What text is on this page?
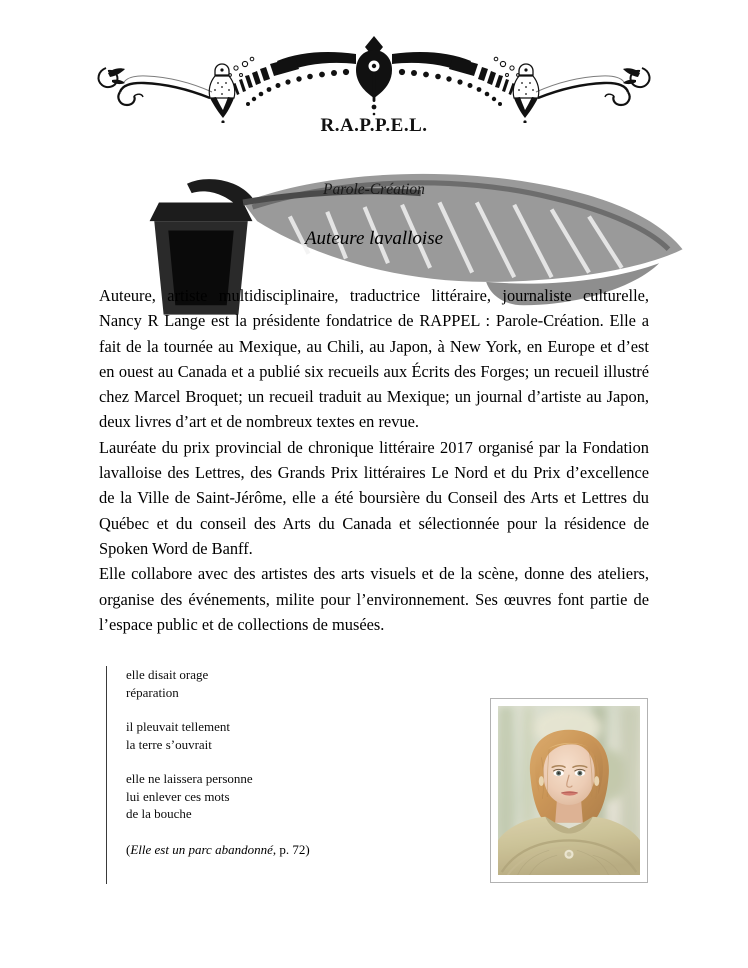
R.A.P.P.E.L.
Parole-Création
Auteure lavalloise

Auteure, artiste multidisciplinaire, traductrice littéraire, journaliste culturelle, Nancy R Lange est la présidente fondatrice de RAPPEL : Parole-Création. Elle a fait de la tournée au Mexique, au Chili, au Japon, à New York, en Europe et d’est en ouest au Canada et a publié six recueils aux Écrits des Forges; un recueil illustré chez Marcel Broquet; un recueil traduit au Mexique; un journal d’artiste au Japon, deux livres d’art et de nombreux textes en revue.

Lauréate du prix provincial de chronique littéraire 2017 organisé par la Fondation lavalloise des Lettres, des Grands Prix littéraires Le Nord et du Prix d’excellence de la Ville de Saint-Jérôme, elle a été boursière du Conseil des Arts et Lettres du Québec et du conseil des Arts du Canada et sélectionnée pour la résidence de Spoken Word de Banff.

Elle collabore avec des artistes des arts visuels et de la scène, donne des ateliers, organise des événements, milite pour l’environnement. Ses œuvres font partie de l’espace public et de collections de musées.

elle disait orage
réparation
il pleuvait tellement
la terre s’ouvrait
elle ne laissera personne
lui enlever ces mots
de la bouche
(Elle est un parc abandonné, p. 72)
